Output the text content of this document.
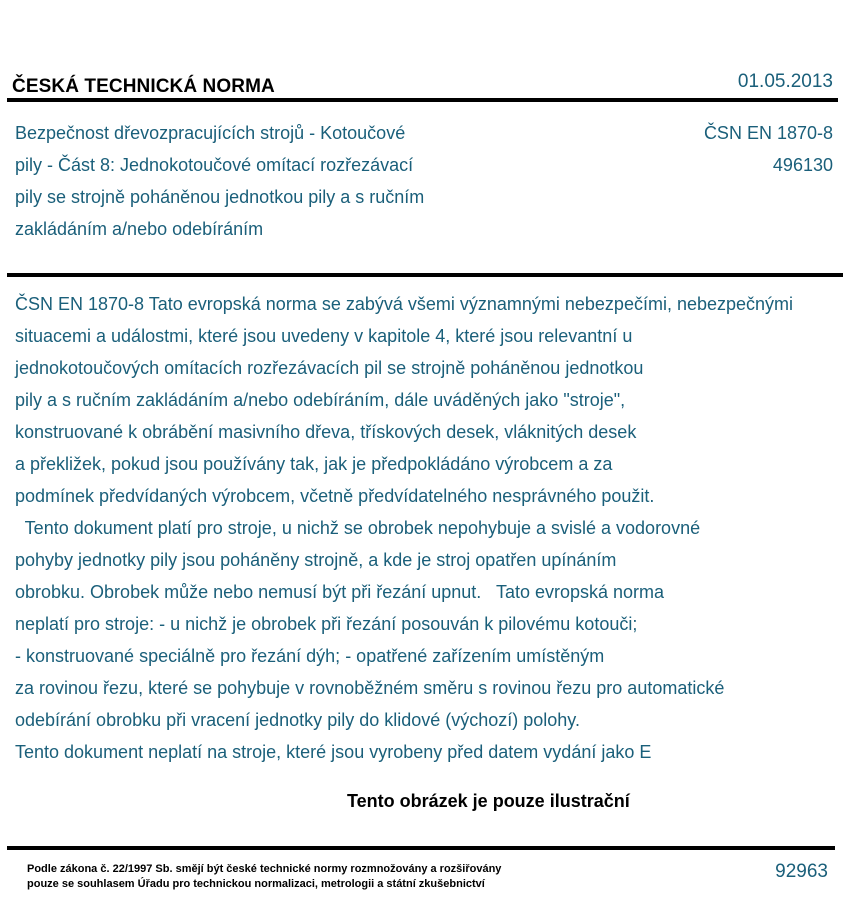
ČESKÁ TECHNICKÁ NORMA	01.05.2013
Bezpečnost dřevozpracujících strojů - Kotoučové
pily - Část 8: Jednokotoučové omítací rozřezávací
pily se strojně poháněnou jednotkou pily a s ručním
zakládáním a/nebo odebíráním
ČSN EN 1870-8
496130
ČSN EN 1870-8 Tato evropská norma se zabývá všemi významnými nebezpečími, nebezpečnými
situacemi a událostmi, které jsou uvedeny v kapitole 4, které jsou relevantní u
jednokotoučových omítacích rozřezávacích pil se strojně poháněnou jednotkou
pily a s ručním zakládáním a/nebo odebíráním, dále uváděných jako "stroje",
konstruované k obrábění masivního dřeva, třískových desek, vláknitých desek
a překližek, pokud jsou používány tak, jak je předpokládáno výrobcem a za
podmínek předvídaných výrobcem, včetně předvídatelného nesprávného použit.
Tento dokument platí pro stroje, u nichž se obrobek nepohybuje a svislé a vodorovné
pohyby jednotky pily jsou poháněny strojně, a kde je stroj opatřen upínáním
obrobku. Obrobek může nebo nemusí být při řezání upnut.   Tato evropská norma
neplatí pro stroje: - u nichž je obrobek při řezání posouván k pilovému kotouči;
- konstruované speciálně pro řezání dýh; - opatřené zařízením umístěným
za rovinou řezu, které se pohybuje v rovnoběžném směru s rovinou řezu pro automatické
odebírání obrobku při vracení jednotky pily do klidové (výchozí) polohy.
Tento dokument neplatí na stroje, které jsou vyrobeny před datem vydání jako E
Tento obrázek je pouze ilustrační
Podle zákona č. 22/1997 Sb. smějí být české technické normy rozmnožovány a rozšiřovány
pouze se souhlasem Úřadu pro technickou normalizaci, metrologii a státní zkušebnictví
92963
